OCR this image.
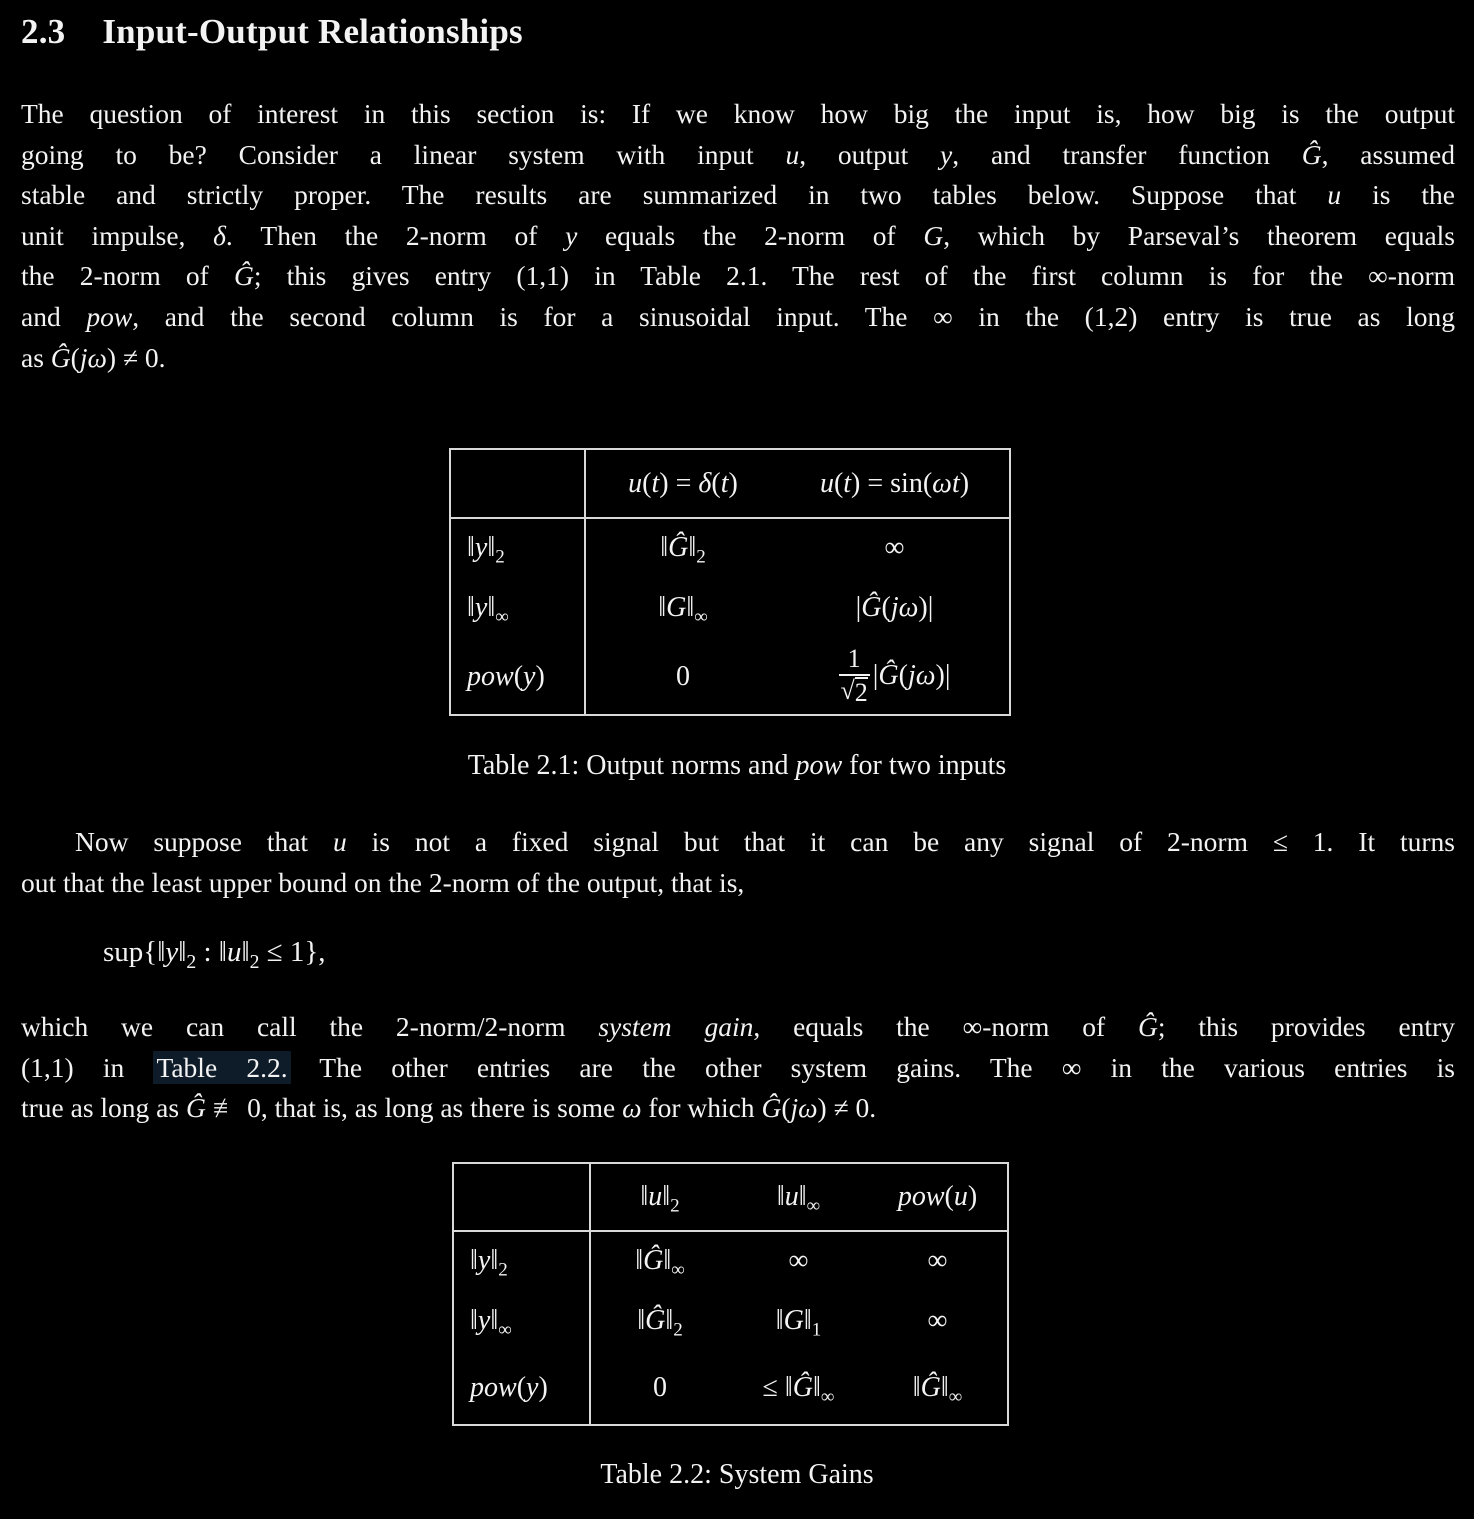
2.3 Input-Output Relationships
The question of interest in this section is: If we know how big the input is, how big is the output
going to be? Consider a linear system with input u, output y, and transfer function Ĝ, assumed
stable and strictly proper. The results are summarized in two tables below. Suppose that u is the
unit impulse, δ. Then the 2-norm of y equals the 2-norm of G, which by Parseval’s theorem equals
the 2-norm of Ĝ; this gives entry (1,1) in Table 2.1. The rest of the first column is for the ∞-norm
and pow, and the second column is for a sinusoidal input. The ∞ in the (1,2) entry is true as long
as Ĝ(jω) ≠ 0.
	u(t) = δ(t)	u(t) = sin(ωt)
$‖y‖_2$	$‖Ĝ‖_2$	∞
$‖y‖_\infty$	$‖G‖_\infty$	|Ĝ(jω)|
pow(y)	0	$\frac{1}{√ 2}$ |Ĝ(jω)|
Table 2.1: Output norms and pow for two inputs
Now suppose that u is not a fixed signal but that it can be any signal of 2-norm ≤ 1. It turns
out that the least upper bound on the 2-norm of the output, that is,
$sup\{‖y‖_2$ : $‖u‖_2 \le 1$},
which we can call the 2-norm/2-norm system gain, equals the ∞-norm of Ĝ; this provides entry
(1,1) in Table 2.2. The other entries are the other system gains. The ∞ in the various entries is
true as long as Ĝ ≢ 0, that is, as long as there is some ω for which Ĝ(jω) ≠ 0.
	$‖u‖_2$	$‖u‖_\infty$	pow(u)
$‖y‖_2$	$‖Ĝ‖_\infty$	∞	∞
$‖y‖_\infty$	$‖Ĝ‖_2$	$‖G‖_1$	∞
pow(y)	0	≤ $‖Ĝ‖_\infty$	$‖Ĝ‖_\infty$
Table 2.2: System Gains
